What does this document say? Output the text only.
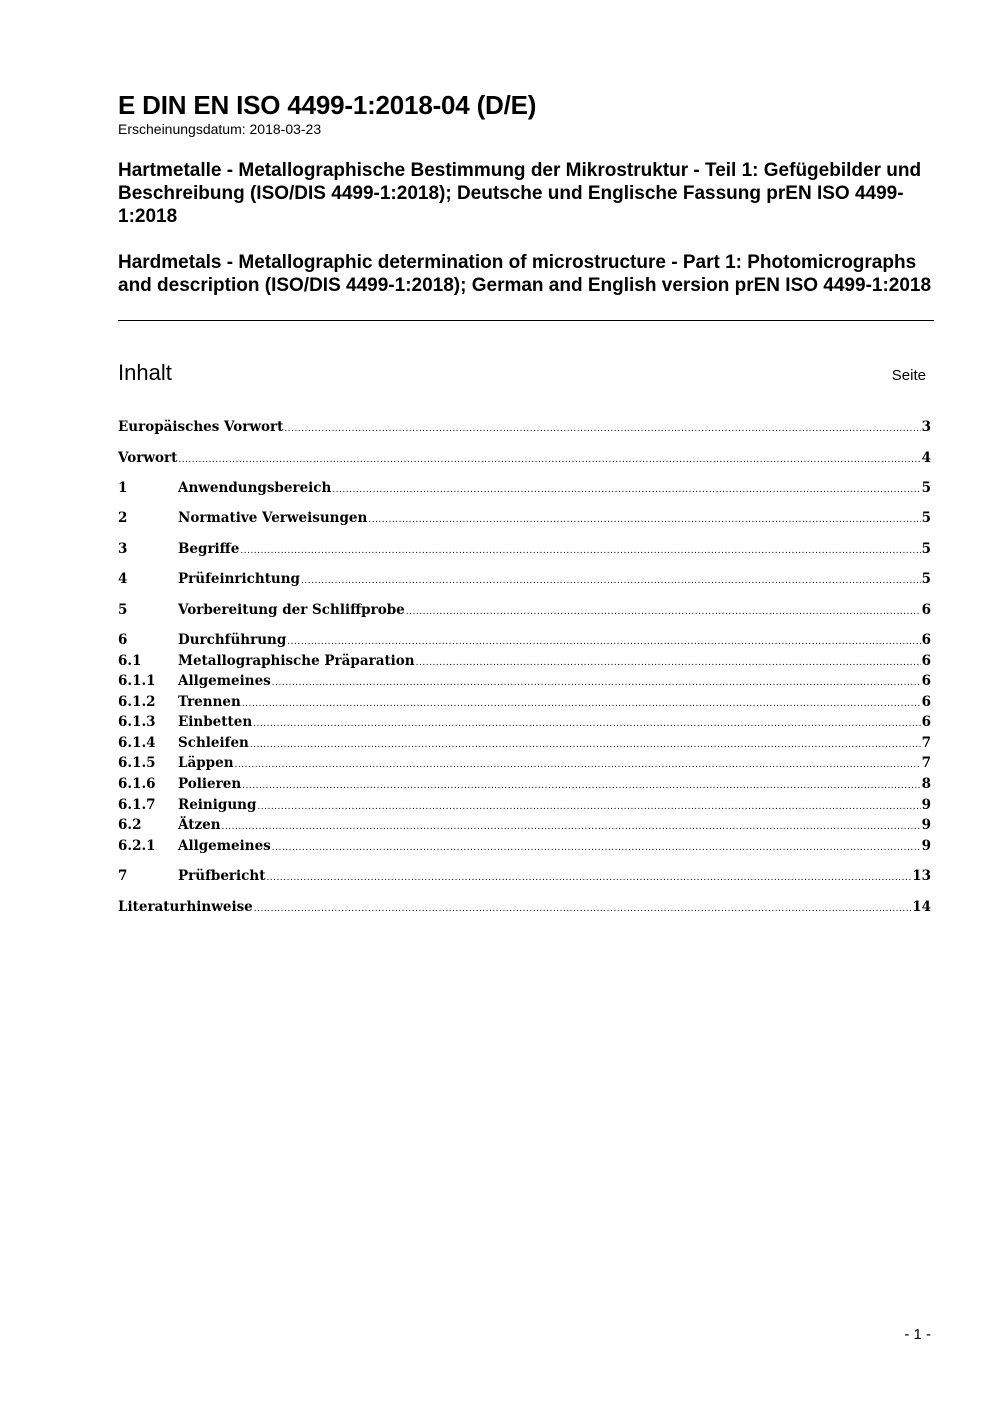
E DIN EN ISO 4499-1:2018-04 (D/E)
Erscheinungsdatum: 2018-03-23
Hartmetalle - Metallographische Bestimmung der Mikrostruktur - Teil 1: Gefügebilder und Beschreibung (ISO/DIS 4499-1:2018); Deutsche und Englische Fassung prEN ISO 4499-1:2018
Hardmetals - Metallographic determination of microstructure - Part 1: Photomicrographs and description (ISO/DIS 4499-1:2018); German and English version prEN ISO 4499-1:2018
Inhalt	Seite
Europäisches Vorwort .....	3
Vorwort .....	4
1	Anwendungsbereich .....	5
2	Normative Verweisungen .....	5
3	Begriffe .....	5
4	Prüfeinrichtung .....	5
5	Vorbereitung der Schliffprobe .....	6
6	Durchführung .....	6
6.1	Metallographische Präparation .....	6
6.1.1	Allgemeines .....	6
6.1.2	Trennen .....	6
6.1.3	Einbetten .....	6
6.1.4	Schleifen .....	7
6.1.5	Läppen .....	7
6.1.6	Polieren .....	8
6.1.7	Reinigung .....	9
6.2	Ätzen .....	9
6.2.1	Allgemeines .....	9
7	Prüfbericht .....	13
Literaturhinweise .....	14
- 1 -
